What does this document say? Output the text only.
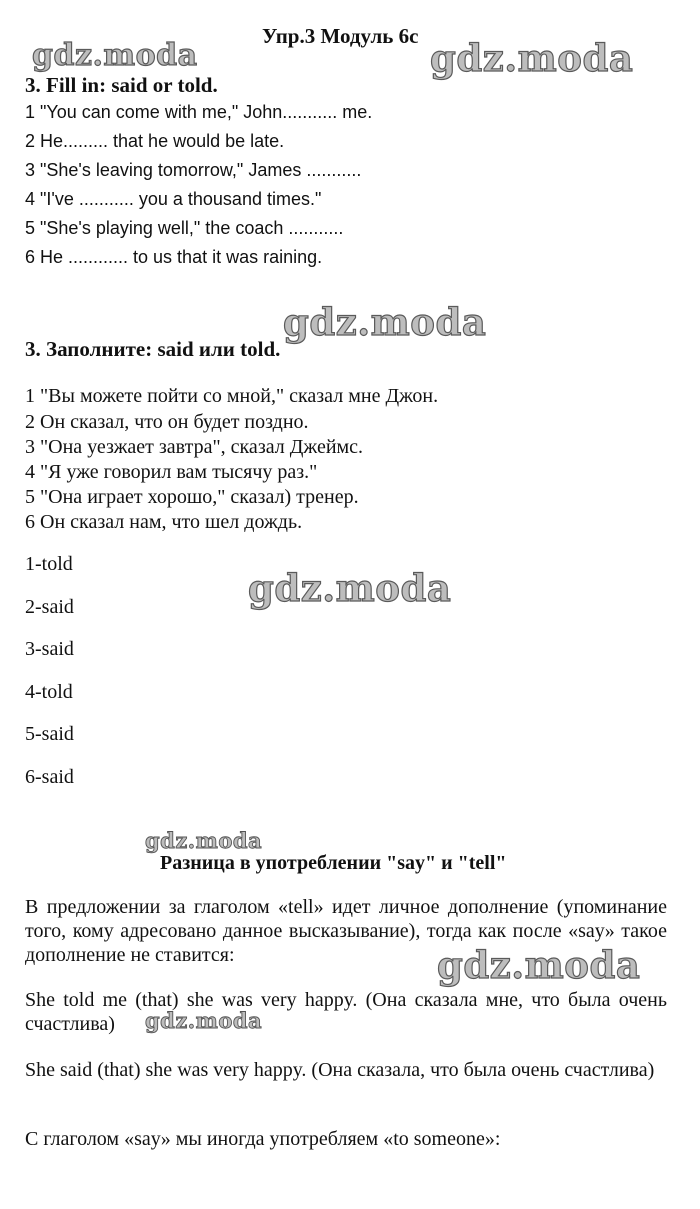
Упр.3 Модуль 6c
gdz.moda	gdz.moda
gdz.moda
gdz.moda
gdz.moda
gdz.moda
gdz.moda
3. Fill in: said or told.
1 "You can come with me," John........... me.
2 He......... that he would be late.
3 "She's leaving tomorrow," James ...........
4 "I've ........... you a thousand times."
5 "She's playing well," the coach ...........
6 He ............ to us that it was raining.
3. Заполните: said или told.
1 "Вы можете пойти со мной," сказал мне Джон.
2 Он сказал, что он будет поздно.
3 "Она уезжает завтра", сказал Джеймс.
4 "Я уже говорил вам тысячу раз."
5 "Она играет хорошо," сказал) тренер.
6 Он сказал нам, что шел дождь.
1-told
2-said
3-said
4-told
5-said
6-said
Разница в употреблении "say" и "tell"
В предложении за глаголом «tell» идет личное дополнение (упоминание того, кому адресовано данное высказывание), тогда как после «say» такое дополнение не ставится:
She told me (that) she was very happy. (Она сказала мне, что была очень счастлива)
She said (that) she was very happy. (Она сказала, что была очень счастлива)
С глаголом «say» мы иногда употребляем «to someone»:
